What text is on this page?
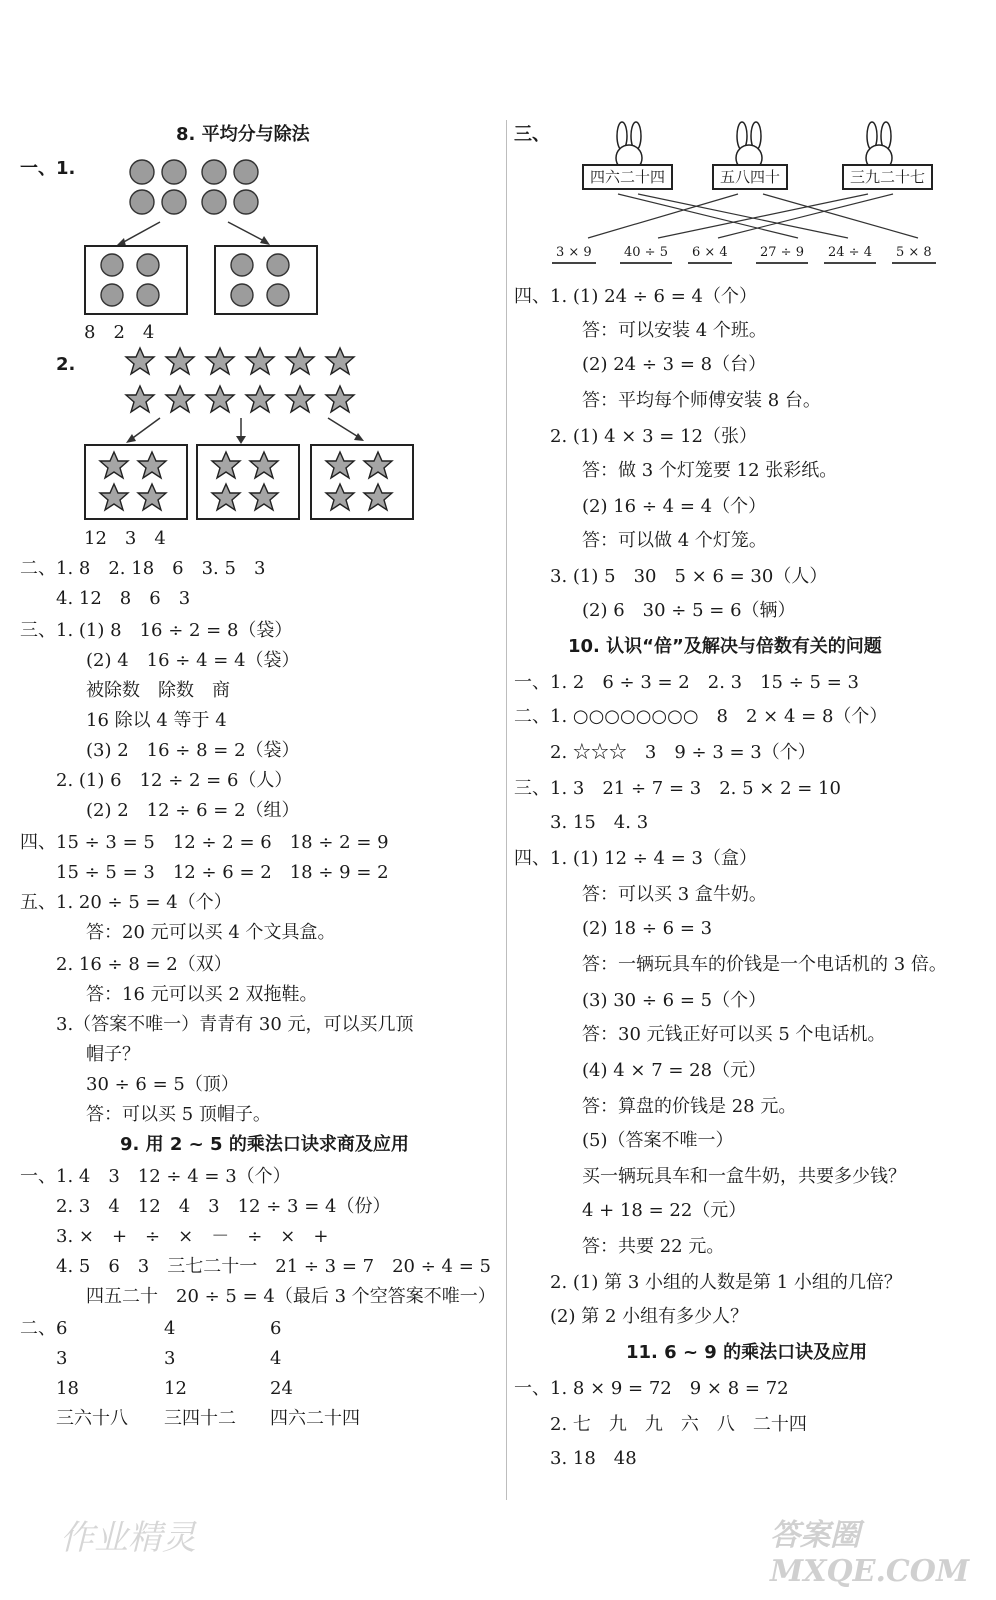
8. 平均分与除法
一、1.
8　2　4
2.
12　3　4
二、1. 8　2. 18　6　3. 5　3
4. 12　8　6　3
三、1. (1) 8　16 ÷ 2 = 8（袋）
(2) 4　16 ÷ 4 = 4（袋）
被除数　除数　商
16 除以 4 等于 4
(3) 2　16 ÷ 8 = 2（袋）
2. (1) 6　12 ÷ 2 = 6（人）
(2) 2　12 ÷ 6 = 2（组）
四、15 ÷ 3 = 5　12 ÷ 2 = 6　18 ÷ 2 = 9
15 ÷ 5 = 3　12 ÷ 6 = 2　18 ÷ 9 = 2
五、1. 20 ÷ 5 = 4（个）
答：20 元可以买 4 个文具盒。
2. 16 ÷ 8 = 2（双）
答：16 元可以买 2 双拖鞋。
3.（答案不唯一）青青有 30 元，可以买几顶
帽子？
30 ÷ 6 = 5（顶）
答：可以买 5 顶帽子。
9. 用 2 ~ 5 的乘法口诀求商及应用
一、1. 4　3　12 ÷ 4 = 3（个）
2. 3　4　12　4　3　12 ÷ 3 = 4（份）
3. ×　+　÷　×　－　÷　×　+
4. 5　6　3　三七二十一　21 ÷ 3 = 7　20 ÷ 4 = 5
四五二十　20 ÷ 5 = 4（最后 3 个空答案不唯一）
二、6	4	6
3	3	4
18	12	24
三六十八 三四十二 四六二十四
作业精灵
三、
四六二十四	五八四十	三九二十七
3 × 9	40 ÷ 5	6 × 4	27 ÷ 9	24 ÷ 4	5 × 8
四、1. (1) 24 ÷ 6 = 4（个）
答：可以安装 4 个班。
(2) 24 ÷ 3 = 8（台）
答：平均每个师傅安装 8 台。
2. (1) 4 × 3 = 12（张）
答：做 3 个灯笼要 12 张彩纸。
(2) 16 ÷ 4 = 4（个）
答：可以做 4 个灯笼。
3. (1) 5　30　5 × 6 = 30（人）
(2) 6　30 ÷ 5 = 6（辆）
10. 认识“倍”及解决与倍数有关的问题
一、1. 2　6 ÷ 3 = 2　2. 3　15 ÷ 5 = 3
二、1. ○○○○○○○○　8　2 × 4 = 8（个）
2. ☆☆☆　3　9 ÷ 3 = 3（个）
三、1. 3　21 ÷ 7 = 3　2. 5 × 2 = 10
3. 15　4. 3
四、1. (1) 12 ÷ 4 = 3（盒）
答：可以买 3 盒牛奶。
(2) 18 ÷ 6 = 3
答：一辆玩具车的价钱是一个电话机的 3 倍。
(3) 30 ÷ 6 = 5（个）
答：30 元钱正好可以买 5 个电话机。
(4) 4 × 7 = 28（元）
答：算盘的价钱是 28 元。
(5)（答案不唯一）
买一辆玩具车和一盒牛奶，共要多少钱？
4 + 18 = 22（元）
答：共要 22 元。
2. (1) 第 3 小组的人数是第 1 小组的几倍？
(2) 第 2 小组有多少人？
11. 6 ~ 9 的乘法口诀及应用
一、1. 8 × 9 = 72　9 × 8 = 72
2. 七　九　九　六　八　二十四
3. 18　48
答案圈 MXQE.COM
